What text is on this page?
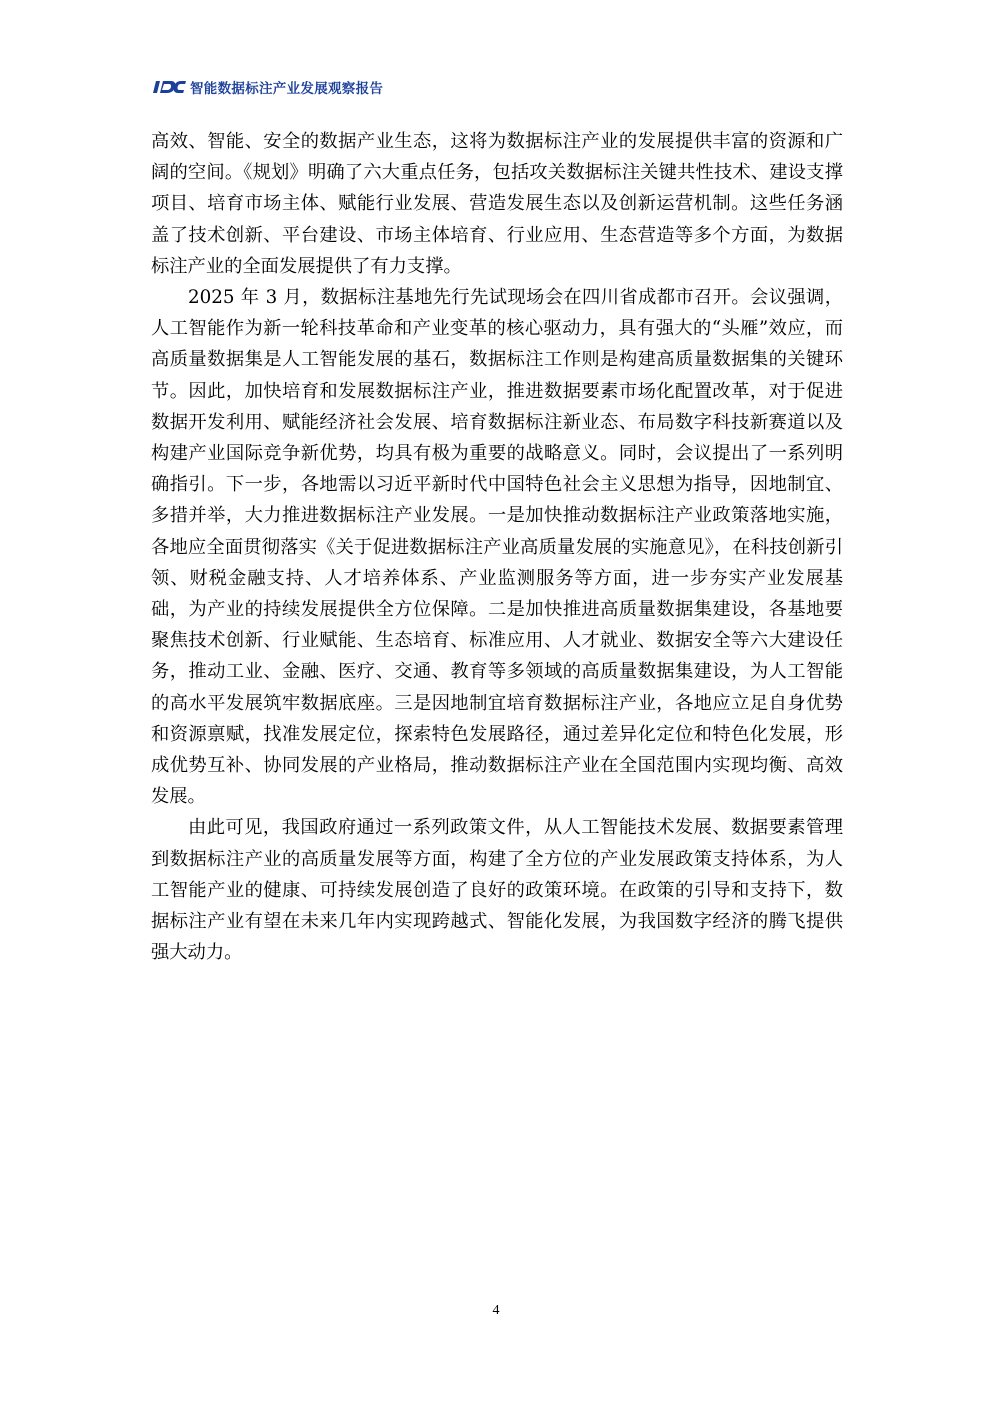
智能数据标注产业发展观察报告

高效、智能、安全的数据产业生态，这将为数据标注产业的发展提供丰富的资源和广阔的空间。《规划》明确了六大重点任务，包括攻关数据标注关键共性技术、建设支撑项目、培育市场主体、赋能行业发展、营造发展生态以及创新运营机制。这些任务涵盖了技术创新、平台建设、市场主体培育、行业应用、生态营造等多个方面，为数据标注产业的全面发展提供了有力支撑。

2025 年 3 月，数据标注基地先行先试现场会在四川省成都市召开。会议强调，人工智能作为新一轮科技革命和产业变革的核心驱动力，具有强大的“头雁”效应，而高质量数据集是人工智能发展的基石，数据标注工作则是构建高质量数据集的关键环节。因此，加快培育和发展数据标注产业，推进数据要素市场化配置改革，对于促进数据开发利用、赋能经济社会发展、培育数据标注新业态、布局数字科技新赛道以及构建产业国际竞争新优势，均具有极为重要的战略意义。同时，会议提出了一系列明确指引。下一步，各地需以习近平新时代中国特色社会主义思想为指导，因地制宜、多措并举，大力推进数据标注产业发展。一是加快推动数据标注产业政策落地实施，各地应全面贯彻落实《关于促进数据标注产业高质量发展的实施意见》，在科技创新引领、财税金融支持、人才培养体系、产业监测服务等方面，进一步夯实产业发展基础，为产业的持续发展提供全方位保障。二是加快推进高质量数据集建设，各基地要聚焦技术创新、行业赋能、生态培育、标准应用、人才就业、数据安全等六大建设任务，推动工业、金融、医疗、交通、教育等多领域的高质量数据集建设，为人工智能的高水平发展筑牢数据底座。三是因地制宜培育数据标注产业，各地应立足自身优势和资源禀赋，找准发展定位，探索特色发展路径，通过差异化定位和特色化发展，形成优势互补、协同发展的产业格局，推动数据标注产业在全国范围内实现均衡、高效发展。

由此可见，我国政府通过一系列政策文件，从人工智能技术发展、数据要素管理到数据标注产业的高质量发展等方面，构建了全方位的产业发展政策支持体系，为人工智能产业的健康、可持续发展创造了良好的政策环境。在政策的引导和支持下，数据标注产业有望在未来几年内实现跨越式、智能化发展，为我国数字经济的腾飞提供强大动力。

4
